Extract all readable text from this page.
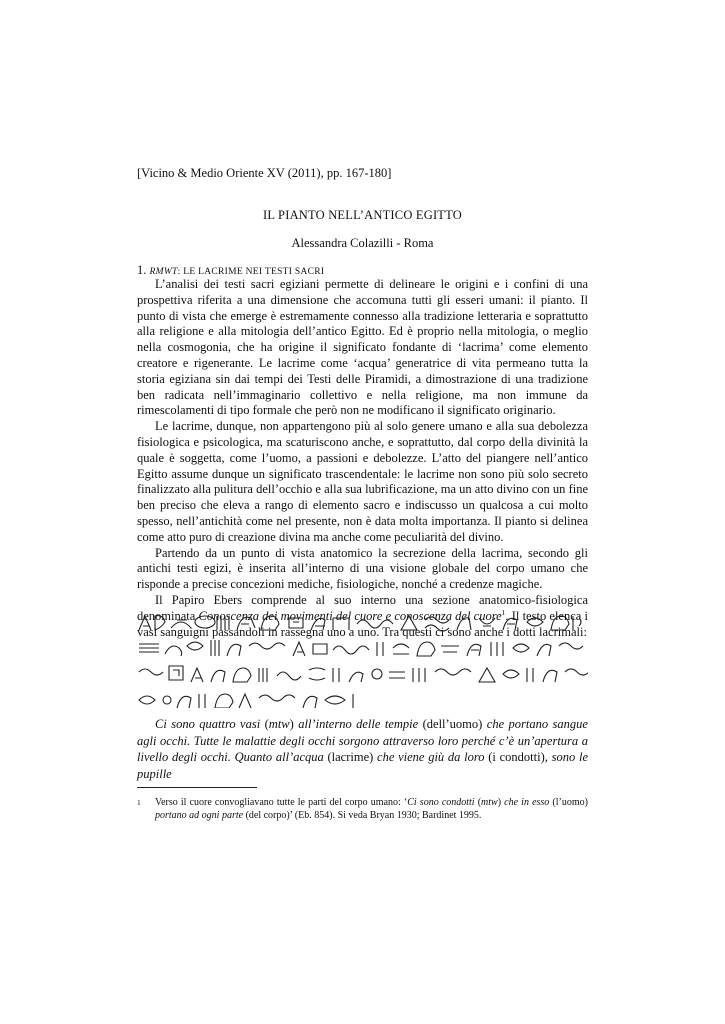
[Vicino & Medio Oriente XV (2011), pp. 167-180]
IL PIANTO NELL’ANTICO EGITTO
Alessandra Colazilli - Roma
1. RMWT: LE LACRIME NEI TESTI SACRI

L’analisi dei testi sacri egiziani permette di delineare le origini e i confini di una prospettiva riferita a una dimensione che accomuna tutti gli esseri umani: il pianto. Il punto di vista che emerge è estremamente connesso alla tradizione letteraria e soprattutto alla religione e alla mitologia dell’antico Egitto. Ed è proprio nella mitologia, o meglio nella cosmogonia, che ha origine il significato fondante di ‘lacrima’ come elemento creatore e rigenerante. Le lacrime come ‘acqua’ generatrice di vita permeano tutta la storia egiziana sin dai tempi dei Testi delle Piramidi, a dimostrazione di una tradizione ben radicata nell’immaginario collettivo e nella religione, ma non immune da rimescolamenti di tipo formale che però non ne modificano il significato originario.

Le lacrime, dunque, non appartengono più al solo genere umano e alla sua debolezza fisiologica e psicologica, ma scaturiscono anche, e soprattutto, dal corpo della divinità la quale è soggetta, come l’uomo, a passioni e debolezze. L’atto del piangere nell’antico Egitto assume dunque un significato trascendentale: le lacrime non sono più solo secreto finalizzato alla pulitura dell’occhio e alla sua lubrificazione, ma un atto divino con un fine ben preciso che eleva a rango di elemento sacro e indiscusso un qualcosa a cui molto spesso, nell’antichità come nel presente, non è data molta importanza. Il pianto si delinea come atto puro di creazione divina ma anche come peculiarità del divino.

Partendo da un punto di vista anatomico la secrezione della lacrima, secondo gli antichi testi egizi, è inserita all’interno di una visione globale del corpo umano che risponde a precise concezioni mediche, fisiologiche, nonché a credenze magiche.

Il Papiro Ebers comprende al suo interno una sezione anatomico-fisiologica denominata Conoscenza dei movimenti del cuore e conoscenza del cuore$^1$. Il testo elenca i vasi sanguigni passandoli in rassegna uno a uno. Tra questi ci sono anche i dotti lacrimali:

Ci sono quattro vasi (mtw) all’interno delle tempie (dell’uomo) che portano sangue agli occhi. Tutte le malattie degli occhi sorgono attraverso loro perché c’è un’apertura a livello degli occhi. Quanto all’acqua (lacrime) che viene giù da loro (i condotti), sono le pupille

1 Verso il cuore convogliavano tutte le parti del corpo umano: ‘Ci sono condotti (mtw) che in esso (l’uomo) portano ad ogni parte (del corpo)’ (Eb. 854). Si veda Bryan 1930; Bardinet 1995.
